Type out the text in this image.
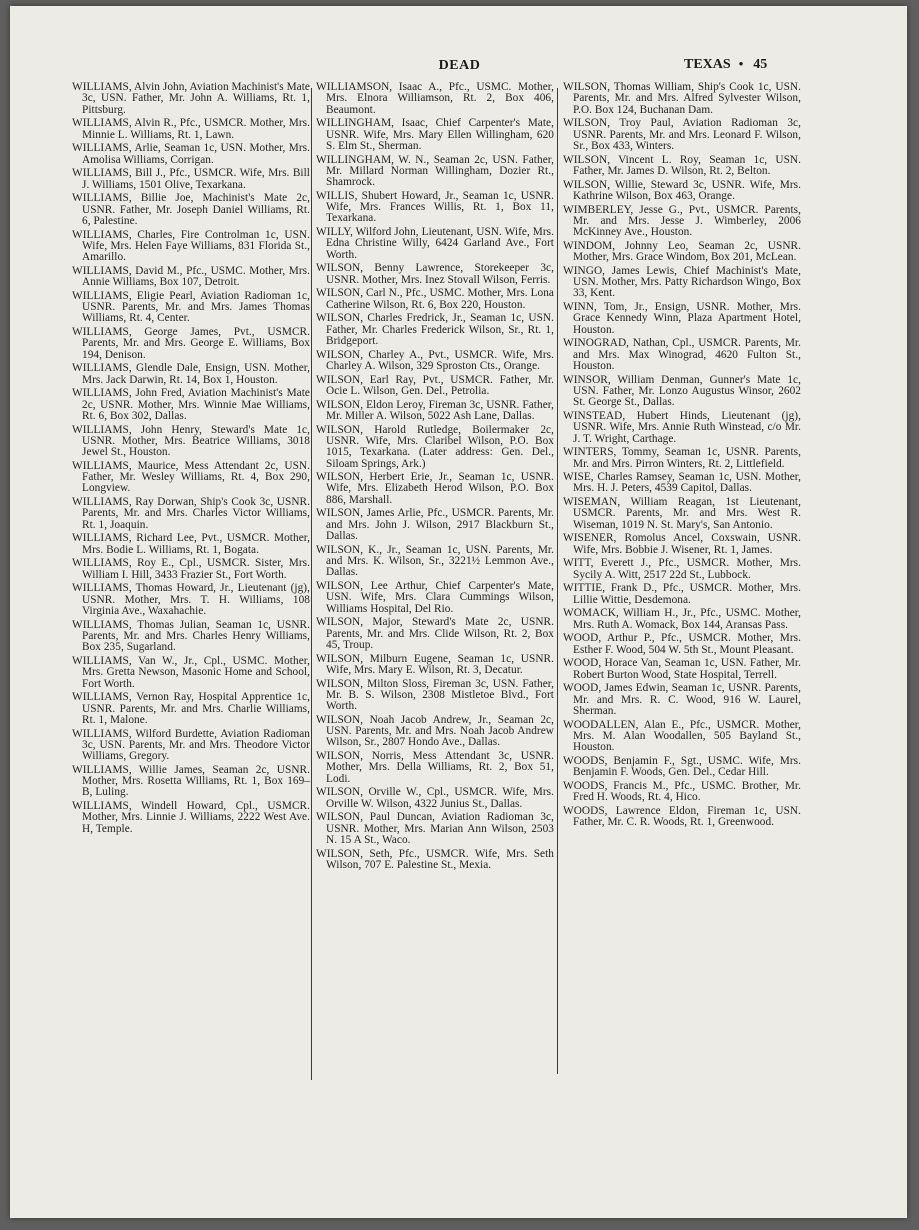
DEAD	TEXAS • 45

WILLIAMS, Alvin John, Aviation Machinist's Mate 3c, USN. Father, Mr. John A. Williams, Rt. 1, Pittsburg.

WILLIAMS, Alvin R., Pfc., USMCR. Mother, Mrs. Minnie L. Williams, Rt. 1, Lawn.

WILLIAMS, Arlie, Seaman 1c, USN. Mother, Mrs. Amolisa Williams, Corrigan.

WILLIAMS, Bill J., Pfc., USMCR. Wife, Mrs. Bill J. Williams, 1501 Olive, Texarkana.

WILLIAMS, Billie Joe, Machinist's Mate 2c, USNR. Father, Mr. Joseph Daniel Williams, Rt. 6, Palestine.

WILLIAMS, Charles, Fire Controlman 1c, USN. Wife, Mrs. Helen Faye Williams, 831 Florida St., Amarillo.

WILLIAMS, David M., Pfc., USMC. Mother, Mrs. Annie Williams, Box 107, Detroit.

WILLIAMS, Eligie Pearl, Aviation Radioman 1c, USNR. Parents, Mr. and Mrs. James Thomas Williams, Rt. 4, Center.

WILLIAMS, George James, Pvt., USMCR. Parents, Mr. and Mrs. George E. Williams, Box 194, Denison.

WILLIAMS, Glendle Dale, Ensign, USN. Mother, Mrs. Jack Darwin, Rt. 14, Box 1, Houston.

WILLIAMS, John Fred, Aviation Machinist's Mate 2c, USNR. Mother, Mrs. Winnie Mae Williams, Rt. 6, Box 302, Dallas.

WILLIAMS, John Henry, Steward's Mate 1c, USNR. Mother, Mrs. Beatrice Williams, 3018 Jewel St., Houston.

WILLIAMS, Maurice, Mess Attendant 2c, USN. Father, Mr. Wesley Williams, Rt. 4, Box 290, Longview.

WILLIAMS, Ray Dorwan, Ship's Cook 3c, USNR. Parents, Mr. and Mrs. Charles Victor Williams, Rt. 1, Joaquin.

WILLIAMS, Richard Lee, Pvt., USMCR. Mother, Mrs. Bodie L. Williams, Rt. 1, Bogata.

WILLIAMS, Roy E., Cpl., USMCR. Sister, Mrs. William I. Hill, 3433 Frazier St., Fort Worth.

WILLIAMS, Thomas Howard, Jr., Lieutenant (jg), USNR. Mother, Mrs. T. H. Williams, 108 Virginia Ave., Waxahachie.

WILLIAMS, Thomas Julian, Seaman 1c, USNR. Parents, Mr. and Mrs. Charles Henry Williams, Box 235, Sugarland.

WILLIAMS, Van W., Jr., Cpl., USMC. Mother, Mrs. Gretta Newson, Masonic Home and School, Fort Worth.

WILLIAMS, Vernon Ray, Hospital Apprentice 1c, USNR. Parents, Mr. and Mrs. Charlie Williams, Rt. 1, Malone.

WILLIAMS, Wilford Burdette, Aviation Radioman 3c, USN. Parents, Mr. and Mrs. Theodore Victor Williams, Gregory.

WILLIAMS, Willie James, Seaman 2c, USNR. Mother, Mrs. Rosetta Williams, Rt. 1, Box 169–B, Luling.

WILLIAMS, Windell Howard, Cpl., USMCR. Mother, Mrs. Linnie J. Williams, 2222 West Ave. H, Temple.

WILLIAMSON, Isaac A., Pfc., USMC. Mother, Mrs. Elnora Williamson, Rt. 2, Box 406, Beaumont.

WILLINGHAM, Isaac, Chief Carpenter's Mate, USNR. Wife, Mrs. Mary Ellen Willingham, 620 S. Elm St., Sherman.

WILLINGHAM, W. N., Seaman 2c, USN. Father, Mr. Millard Norman Willingham, Dozier Rt., Shamrock.

WILLIS, Shubert Howard, Jr., Seaman 1c, USNR. Wife, Mrs. Frances Willis, Rt. 1, Box 11, Texarkana.

WILLY, Wilford John, Lieutenant, USN. Wife, Mrs. Edna Christine Willy, 6424 Garland Ave., Fort Worth.

WILSON, Benny Lawrence, Storekeeper 3c, USNR. Mother, Mrs. Inez Stovall Wilson, Ferris.

WILSON, Carl N., Pfc., USMC. Mother, Mrs. Lona Catherine Wilson, Rt. 6, Box 220, Houston.

WILSON, Charles Fredrick, Jr., Seaman 1c, USN. Father, Mr. Charles Frederick Wilson, Sr., Rt. 1, Bridgeport.

WILSON, Charley A., Pvt., USMCR. Wife, Mrs. Charley A. Wilson, 329 Sproston Cts., Orange.

WILSON, Earl Ray, Pvt., USMCR. Father, Mr. Ocie L. Wilson, Gen. Del., Petrolia.

WILSON, Eldon Leroy, Fireman 3c, USNR. Father, Mr. Miller A. Wilson, 5022 Ash Lane, Dallas.

WILSON, Harold Rutledge, Boilermaker 2c, USNR. Wife, Mrs. Claribel Wilson, P.O. Box 1015, Texarkana. (Later address: Gen. Del., Siloam Springs, Ark.)

WILSON, Herbert Erie, Jr., Seaman 1c, USNR. Wife, Mrs. Elizabeth Herod Wilson, P.O. Box 886, Marshall.

WILSON, James Arlie, Pfc., USMCR. Parents, Mr. and Mrs. John J. Wilson, 2917 Blackburn St., Dallas.

WILSON, K., Jr., Seaman 1c, USN. Parents, Mr. and Mrs. K. Wilson, Sr., 3221½ Lemmon Ave., Dallas.

WILSON, Lee Arthur, Chief Carpenter's Mate, USN. Wife, Mrs. Clara Cummings Wilson, Williams Hospital, Del Rio.

WILSON, Major, Steward's Mate 2c, USNR. Parents, Mr. and Mrs. Clide Wilson, Rt. 2, Box 45, Troup.

WILSON, Milburn Eugene, Seaman 1c, USNR. Wife, Mrs. Mary E. Wilson, Rt. 3, Decatur.

WILSON, Milton Sloss, Fireman 3c, USN. Father, Mr. B. S. Wilson, 2308 Mistletoe Blvd., Fort Worth.

WILSON, Noah Jacob Andrew, Jr., Seaman 2c, USN. Parents, Mr. and Mrs. Noah Jacob Andrew Wilson, Sr., 2807 Hondo Ave., Dallas.

WILSON, Norris, Mess Attendant 3c, USNR. Mother, Mrs. Della Williams, Rt. 2, Box 51, Lodi.

WILSON, Orville W., Cpl., USMCR. Wife, Mrs. Orville W. Wilson, 4322 Junius St., Dallas.

WILSON, Paul Duncan, Aviation Radioman 3c, USNR. Mother, Mrs. Marian Ann Wilson, 2503 N. 15 A St., Waco.

WILSON, Seth, Pfc., USMCR. Wife, Mrs. Seth Wilson, 707 E. Palestine St., Mexia.

WILSON, Thomas William, Ship's Cook 1c, USN. Parents, Mr. and Mrs. Alfred Sylvester Wilson, P.O. Box 124, Buchanan Dam.

WILSON, Troy Paul, Aviation Radioman 3c, USNR. Parents, Mr. and Mrs. Leonard F. Wilson, Sr., Box 433, Winters.

WILSON, Vincent L. Roy, Seaman 1c, USN. Father, Mr. James D. Wilson, Rt. 2, Belton.

WILSON, Willie, Steward 3c, USNR. Wife, Mrs. Kathrine Wilson, Box 463, Orange.

WIMBERLEY, Jesse G., Pvt., USMCR. Parents, Mr. and Mrs. Jesse J. Wimberley, 2006 McKinney Ave., Houston.

WINDOM, Johnny Leo, Seaman 2c, USNR. Mother, Mrs. Grace Windom, Box 201, McLean.

WINGO, James Lewis, Chief Machinist's Mate, USN. Mother, Mrs. Patty Richardson Wingo, Box 33, Kent.

WINN, Tom, Jr., Ensign, USNR. Mother, Mrs. Grace Kennedy Winn, Plaza Apartment Hotel, Houston.

WINOGRAD, Nathan, Cpl., USMCR. Parents, Mr. and Mrs. Max Winograd, 4620 Fulton St., Houston.

WINSOR, William Denman, Gunner's Mate 1c, USN. Father, Mr. Lonzo Augustus Winsor, 2602 St. George St., Dallas.

WINSTEAD, Hubert Hinds, Lieutenant (jg), USNR. Wife, Mrs. Annie Ruth Winstead, c/o Mr. J. T. Wright, Carthage.

WINTERS, Tommy, Seaman 1c, USNR. Parents, Mr. and Mrs. Pirron Winters, Rt. 2, Littlefield.

WISE, Charles Ramsey, Seaman 1c, USN. Mother, Mrs. H. J. Peters, 4539 Capitol, Dallas.

WISEMAN, William Reagan, 1st Lieutenant, USMCR. Parents, Mr. and Mrs. West R. Wiseman, 1019 N. St. Mary's, San Antonio.

WISENER, Romolus Ancel, Coxswain, USNR. Wife, Mrs. Bobbie J. Wisener, Rt. 1, James.

WITT, Everett J., Pfc., USMCR. Mother, Mrs. Sycily A. Witt, 2517 22d St., Lubbock.

WITTIE, Frank D., Pfc., USMCR. Mother, Mrs. Lillie Wittie, Desdemona.

WOMACK, William H., Jr., Pfc., USMC. Mother, Mrs. Ruth A. Womack, Box 144, Aransas Pass.

WOOD, Arthur P., Pfc., USMCR. Mother, Mrs. Esther F. Wood, 504 W. 5th St., Mount Pleasant.

WOOD, Horace Van, Seaman 1c, USN. Father, Mr. Robert Burton Wood, State Hospital, Terrell.

WOOD, James Edwin, Seaman 1c, USNR. Parents, Mr. and Mrs. R. C. Wood, 916 W. Laurel, Sherman.

WOODALLEN, Alan E., Pfc., USMCR. Mother, Mrs. M. Alan Woodallen, 505 Bayland St., Houston.

WOODS, Benjamin F., Sgt., USMC. Wife, Mrs. Benjamin F. Woods, Gen. Del., Cedar Hill.

WOODS, Francis M., Pfc., USMC. Brother, Mr. Fred H. Woods, Rt. 4, Hico.

WOODS, Lawrence Eldon, Fireman 1c, USN. Father, Mr. C. R. Woods, Rt. 1, Greenwood.
